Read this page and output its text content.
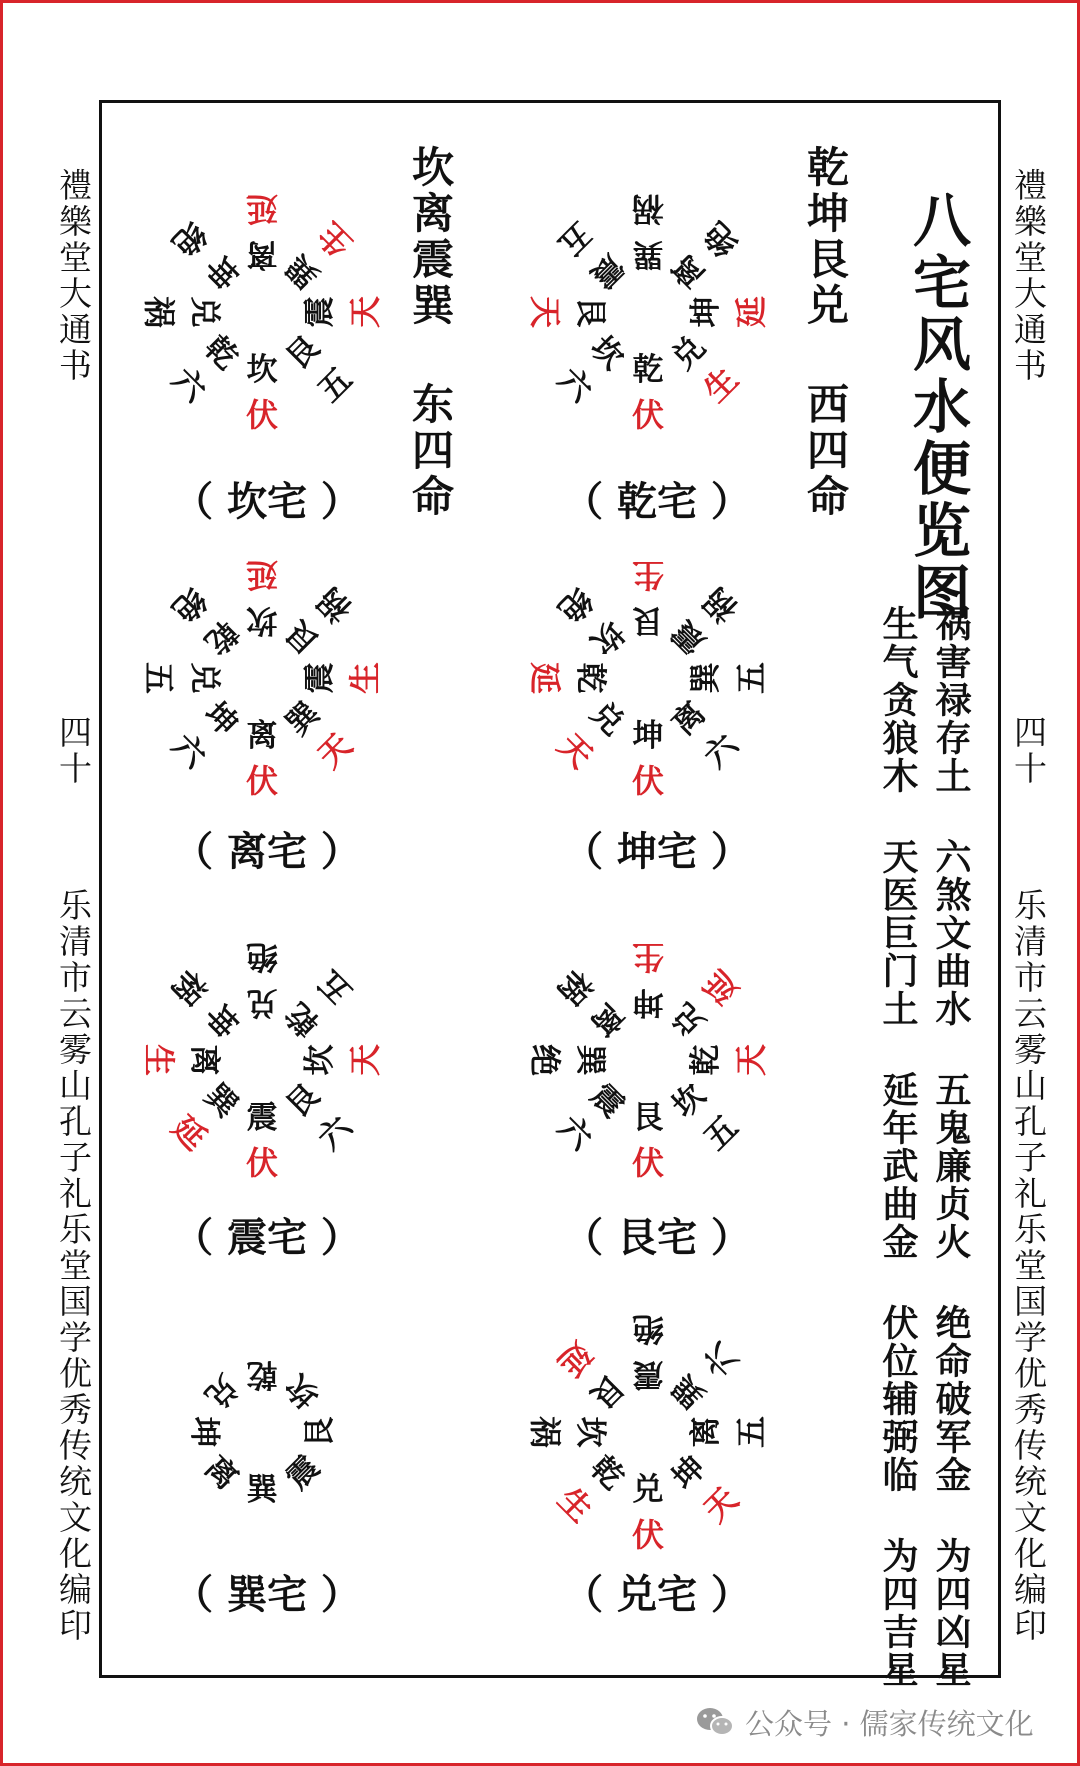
禮樂堂大通书
四十
乐清市云雾山孔子礼乐堂国学优秀传统文化编印
禮樂堂大通书
四十
乐清市云雾山孔子礼乐堂国学优秀传统文化编印
八宅风水便览图
乾坤艮兑 西四命
坎离震巽 东四命
祸害禄存土 六煞文曲水 五鬼廉贞火 绝命破军金 为四凶星
生气贪狼木 天医巨门土 延年武曲金 伏位辅弼临 为四吉星
乾 兑
坤
离
巽
震
艮
坎
伏
生
延
绝
祸
五
天
六
（ 乾宅 ）
坎 艮
震
巽
离
坤
兑
乾
伏
五
天
生
延
绝
祸
六
（ 坎宅 ）
坤 离
巽
震
艮
坎
乾
兑
伏
六
五
祸
生
绝
延
天
（ 坤宅 ）
离 巽
震
艮
坎
乾
兑
坤
伏
天
生
祸
延
绝
五
六
（ 离宅 ）
艮 坎
乾
兑
坤
离
巽
震
伏
五
天
延
生
祸
绝
六
（ 艮宅 ）
震 艮
坎
乾
兑
坤
离
巽
伏
六
天
五
绝
祸
生
延
（ 震宅 ）
兑 坤
离
巽
震
艮
坎
乾
伏
天
五
六
绝
延
祸
生
（ 兑宅 ）
巽 震
艮
坎
乾
兑
坤
离
（ 巽宅 ）
公众号 · 儒家传统文化
